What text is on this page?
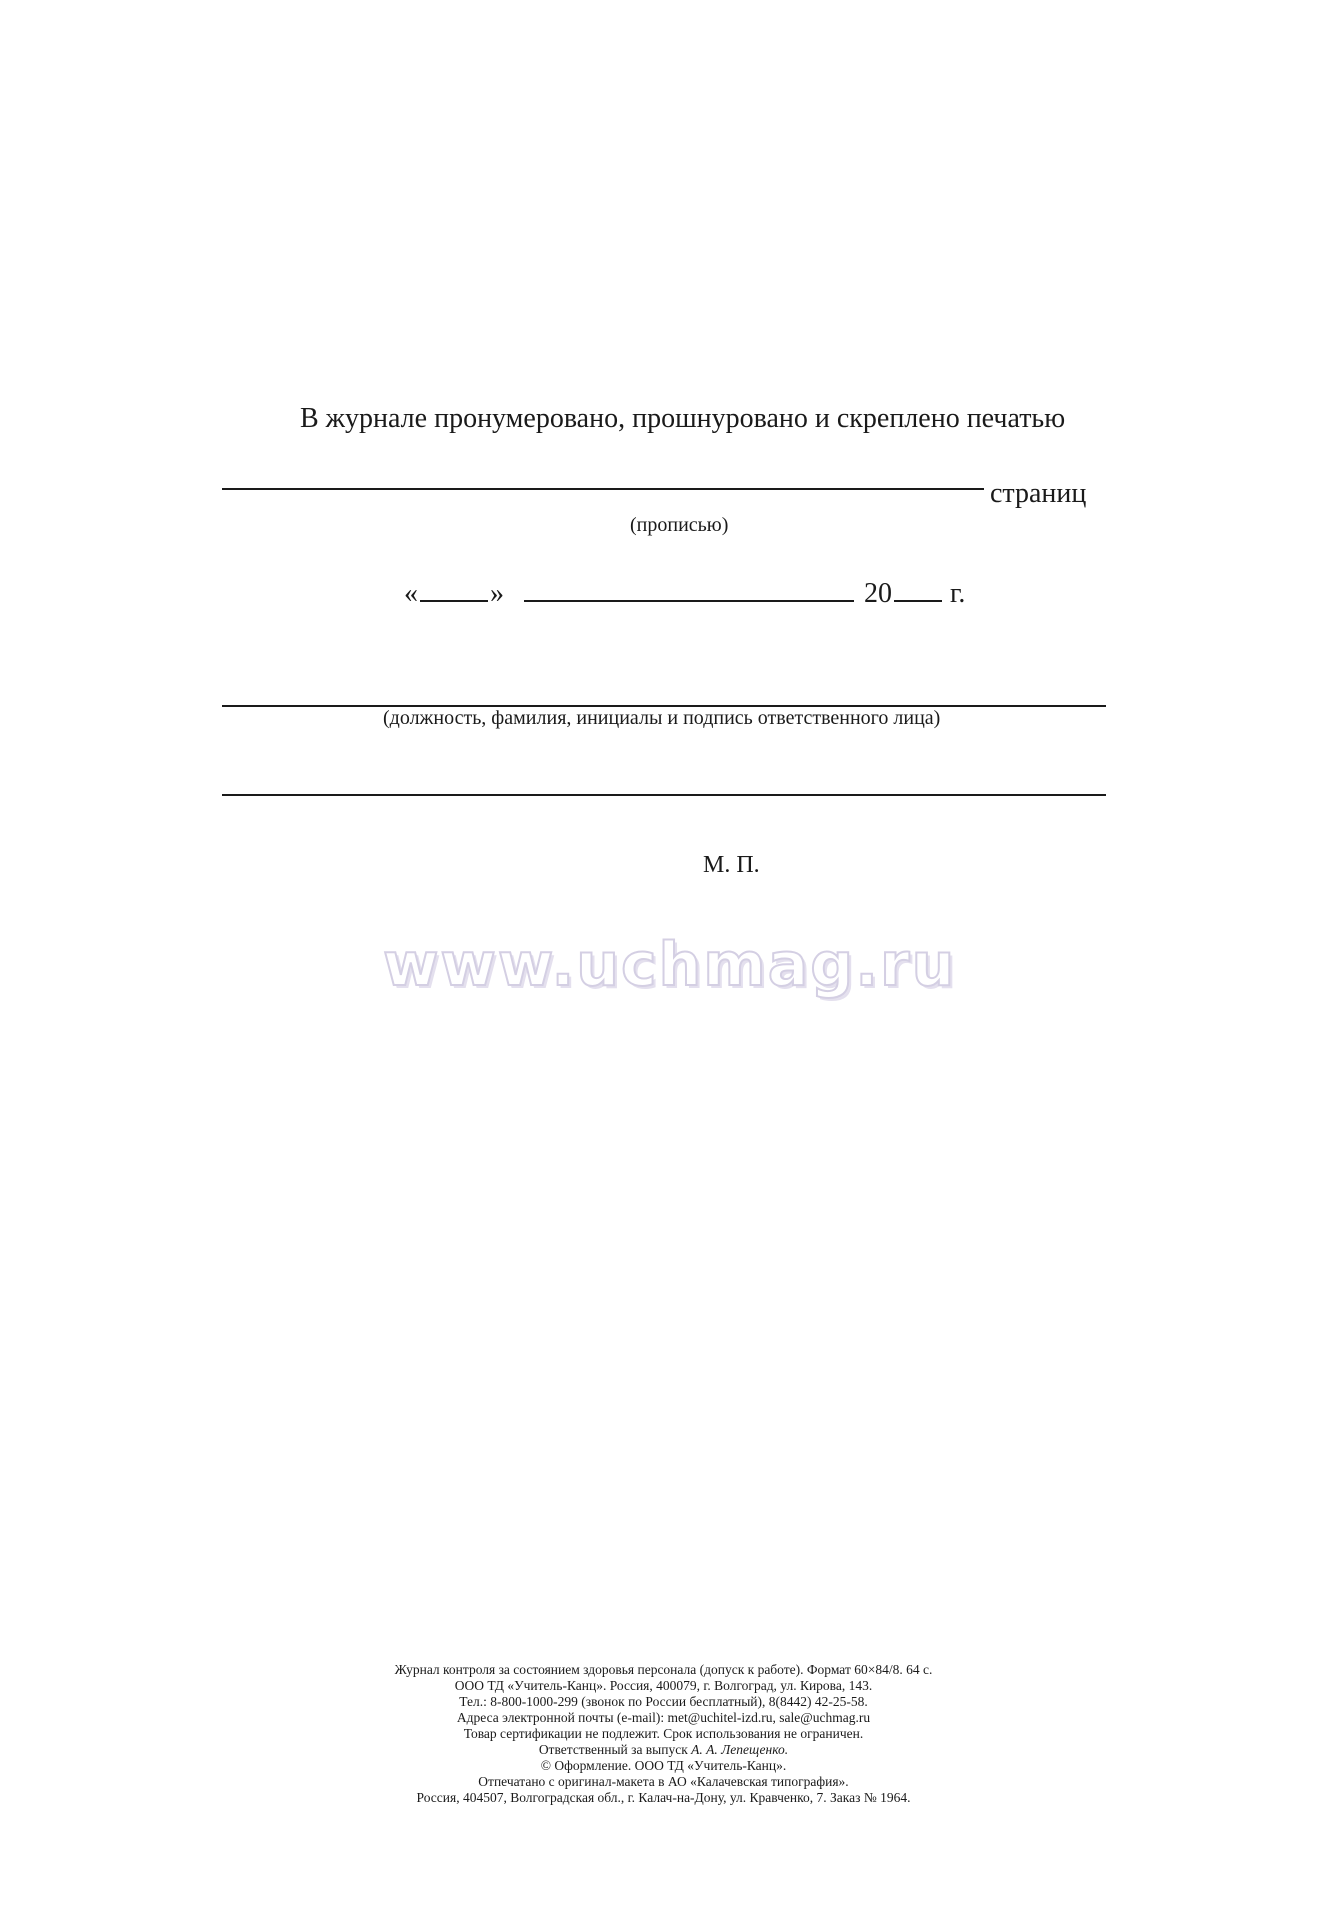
В журнале пронумеровано, прошнуровано и скреплено печатью
страниц
(прописью)
«	»	20 г.
(должность, фамилия, инициалы и подпись ответственного лица)
М. П.
www.uchmag.ru
Журнал контроля за состоянием здоровья персонала (допуск к работе). Формат 60×84/8. 64 с.
ООО ТД «Учитель-Канц». Россия, 400079, г. Волгоград, ул. Кирова, 143.
Тел.: 8-800-1000-299 (звонок по России бесплатный), 8(8442) 42-25-58.
Адреса электронной почты (e-mail): met@uchitel-izd.ru, sale@uchmag.ru
Товар сертификации не подлежит. Срок использования не ограничен.
Ответственный за выпуск А. А. Лепещенко.
© Оформление. ООО ТД «Учитель-Канц».
Отпечатано с оригинал-макета в АО «Калачевская типография».
Россия, 404507, Волгоградская обл., г. Калач-на-Дону, ул. Кравченко, 7. Заказ № 1964.
